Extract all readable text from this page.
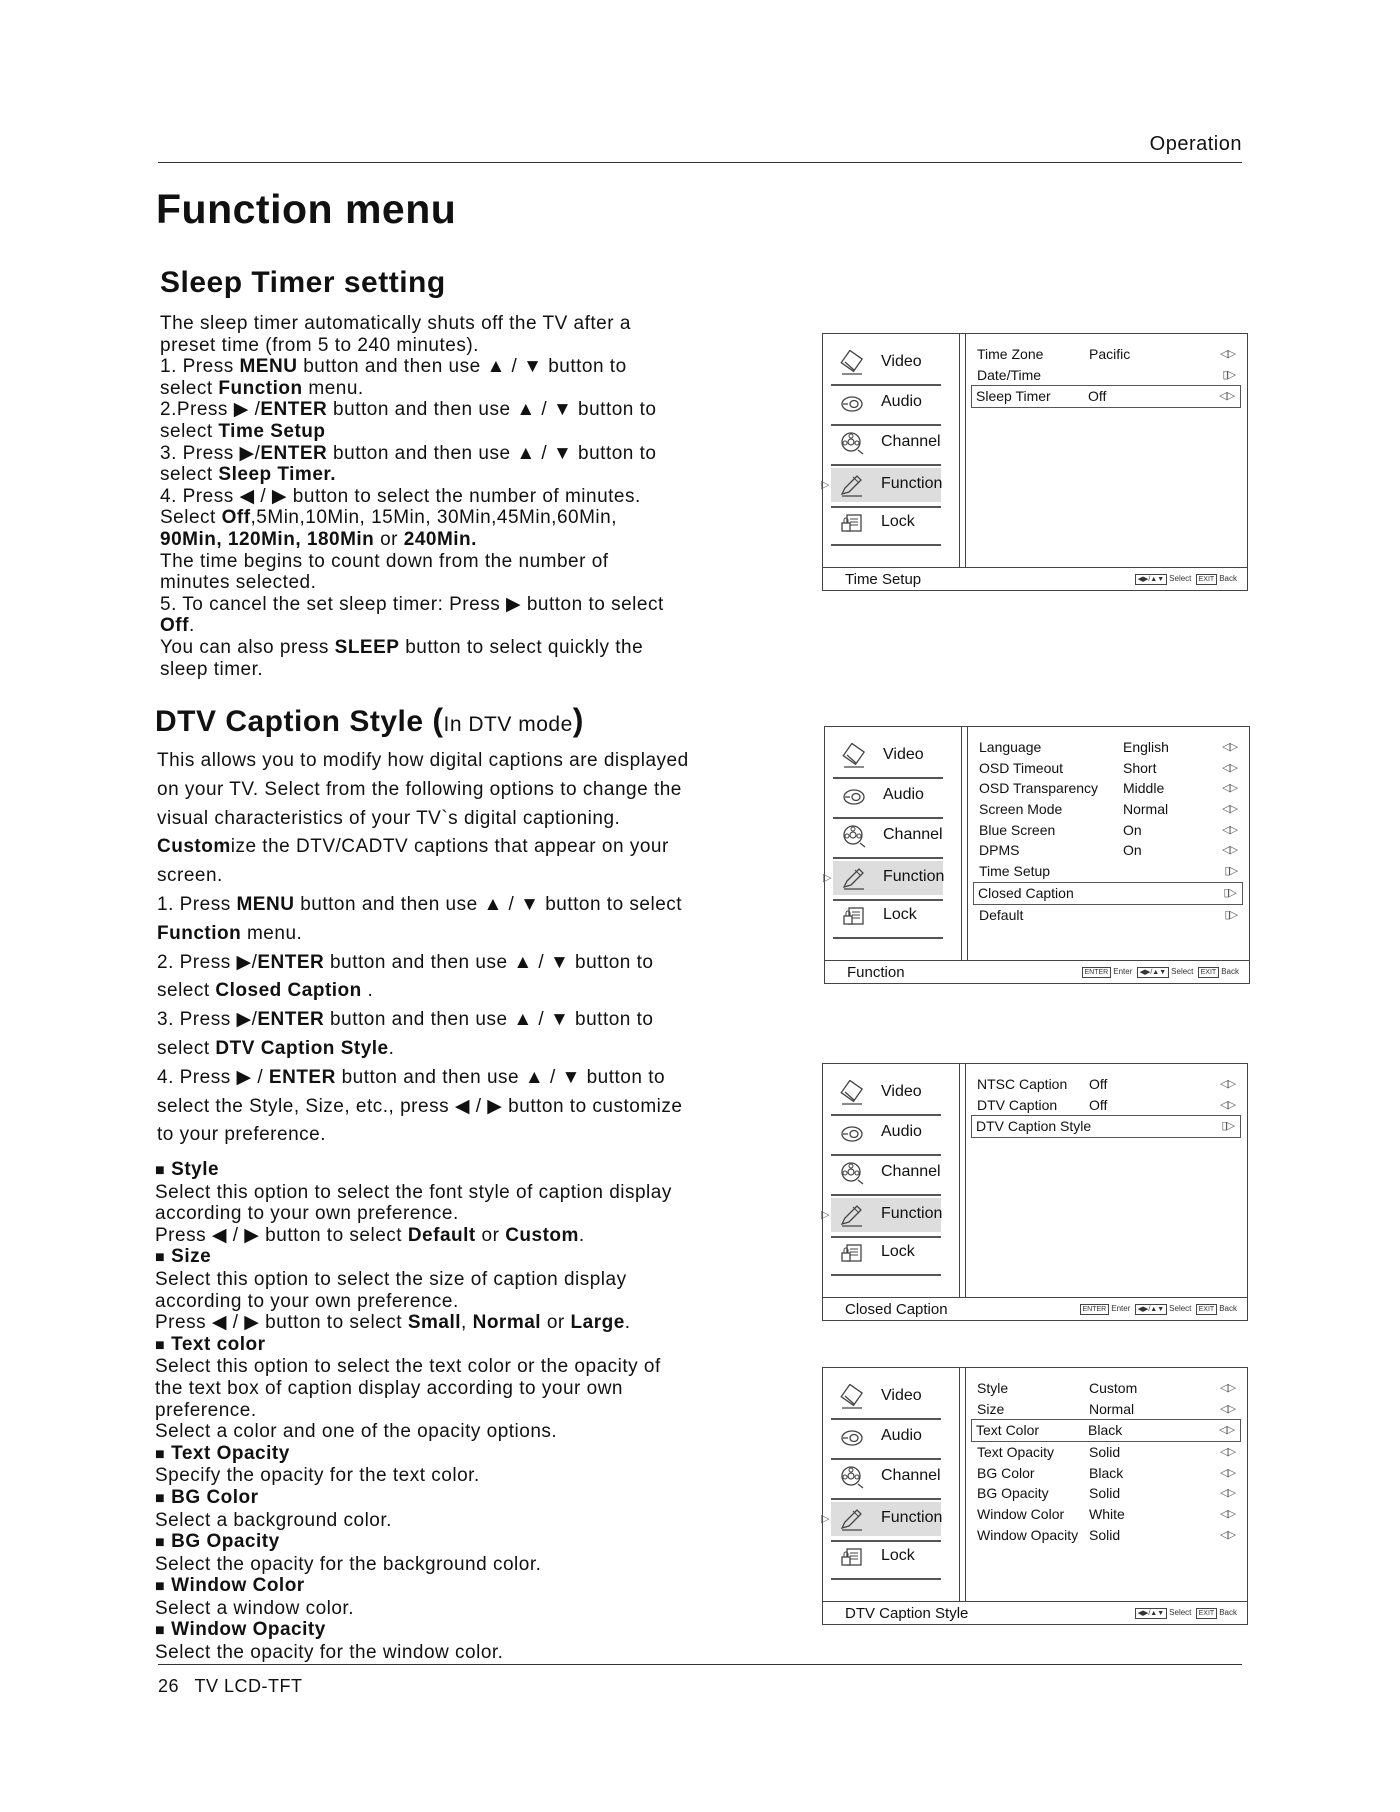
Operation
Function menu
Sleep Timer setting

The sleep timer automatically shuts off the TV after a

preset time (from 5 to 240 minutes).

1. Press MENU button and then use ▲ / ▼ button to

select Function menu.

2.Press ▶ /ENTER button and then use ▲ / ▼ button to

select Time Setup

3. Press ▶/ENTER button and then use ▲ / ▼ button to

select Sleep Timer.

4. Press ◀ / ▶ button to select the number of minutes.

Select Off,5Min,10Min, 15Min, 30Min,45Min,60Min,

90Min, 120Min, 180Min or 240Min.

The time begins to count down from the number of

minutes selected.

5. To cancel the set sleep timer: Press ▶ button to select

Off.

You can also press SLEEP button to select quickly the

sleep timer.

DTV Caption Style (In DTV mode)

This allows you to modify how digital captions are displayed

on your TV. Select from the following options to change the

visual characteristics of your TV`s digital captioning.

Customize the DTV/CADTV captions that appear on your

screen.

1. Press MENU button and then use ▲ / ▼ button to select

Function menu.

2. Press ▶/ENTER button and then use ▲ / ▼ button to

select Closed Caption .

3. Press ▶/ENTER button and then use ▲ / ▼ button to

select DTV Caption Style.

4. Press ▶ / ENTER button and then use ▲ / ▼ button to

select the Style, Size, etc., press ◀ / ▶ button to customize

to your preference.

■ Style

Select this option to select the font style of caption display

according to your own preference.

Press ◀ / ▶ button to select Default or Custom.

■ Size

Select this option to select the size of caption display

according to your own preference.

Press ◀ / ▶ button to select Small, Normal or Large.

■ Text color

Select this option to select the text color or the opacity of

the text box of caption display according to your own

preference.

Select a color and one of the opacity options.

■ Text Opacity

Specify the opacity for the text color.

■ BG Color

Select a background color.

■ BG Opacity

Select the opacity for the background color.

■ Window Color

Select a window color.

■ Window Opacity

Select the opacity for the window color.

Video
Audio
Channel
▷	Function
Lock
Time Zone	Pacific	◁▷
Date/Time	▯▷
Sleep Timer	Off	◁▷
Time Setup	◀▶/▲▼ Select EXIT Back
Video
Audio
Channel
▷	Function
Lock
Language	English	◁▷
OSD Timeout	Short	◁▷
OSD Transparency Middle	◁▷
Screen Mode	Normal	◁▷
Blue Screen	On	◁▷
DPMS	On	◁▷
Time Setup	▯▷
Closed Caption	▯▷
Default	▯▷
Function	ENTER Enter ◀▶/▲▼ Select EXIT Back
Video
Audio
Channel
▷	Function
Lock
NTSC Caption Off	◁▷
DTV Caption Off	◁▷
DTV Caption Style	▯▷
Closed Caption	ENTER Enter ◀▶/▲▼ Select EXIT Back
Video
Audio
Channel
▷	Function
Lock
Style	Custom	◁▷
Size	Normal	◁▷
Text Color	Black	◁▷
Text Opacity Solid	◁▷
BG Color	Black	◁▷
BG Opacity	Solid	◁▷
Window Color White	◁▷
Window Opacity Solid	◁▷
DTV Caption Style	◀▶/▲▼ Select EXIT Back
26 TV LCD-TFT
